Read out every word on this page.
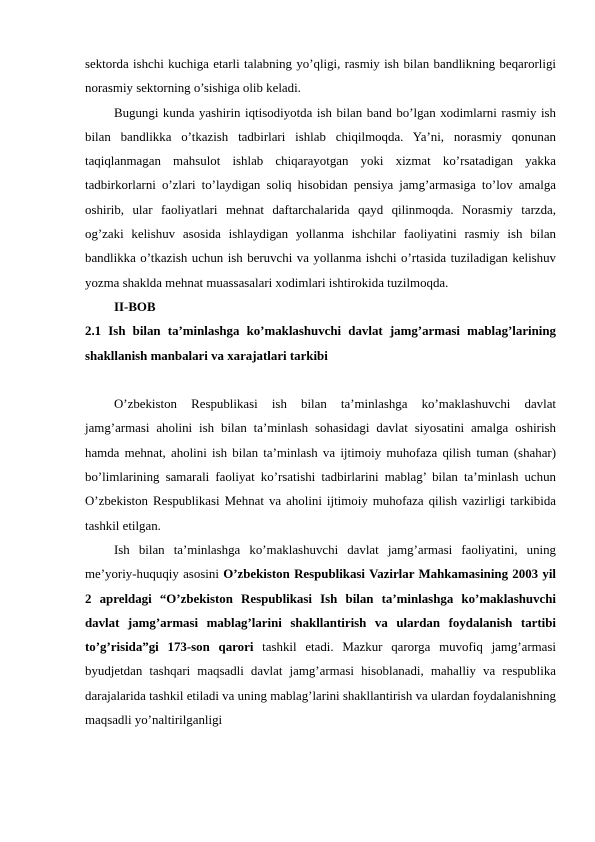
sektorda ishchi kuchiga etarli talabning yo’qligi, rasmiy ish bilan bandlikning beqarorligi norasmiy sektorning o’sishiga olib keladi.

Bugungi kunda yashirin iqtisodiyotda ish bilan band bo’lgan xodimlarni rasmiy ish bilan bandlikka o’tkazish tadbirlari ishlab chiqilmoqda. Ya’ni, norasmiy qonunan taqiqlanmagan mahsulot ishlab chiqarayotgan yoki xizmat ko’rsatadigan yakka tadbirkorlarni o’zlari to’laydigan soliq hisobidan pensiya jamg’armasiga to’lov amalga oshirib, ular faoliyatlari mehnat daftarchalarida qayd qilinmoqda. Norasmiy tarzda, og’zaki kelishuv asosida ishlaydigan yollanma ishchilar faoliyatini rasmiy ish bilan bandlikka o’tkazish uchun ish beruvchi va yollanma ishchi o’rtasida tuziladigan kelishuv yozma shaklda mehnat muassasalari xodimlari ishtirokida tuzilmoqda.

II-BOB

2.1 Ish bilan ta’minlashga ko’maklashuvchi davlat jamg’armasi mablag’larining shakllanish manbalari va xarajatlari tarkibi

O’zbekiston Respublikasi ish bilan ta’minlashga ko’maklashuvchi davlat jamg’armasi aholini ish bilan ta’minlash sohasidagi davlat siyosatini amalga oshirish hamda mehnat, aholini ish bilan ta’minlash va ijtimoiy muhofaza qilish tuman (shahar) bo’limlarining samarali faoliyat ko’rsatishi tadbirlarini mablag’ bilan ta’minlash uchun O’zbekiston Respublikasi Mehnat va aholini ijtimoiy muhofaza qilish vazirligi tarkibida tashkil etilgan.

Ish bilan ta’minlashga ko’maklashuvchi davlat jamg’armasi faoliyatini, uning me’yoriy-huquqiy asosini O’zbekiston Respublikasi Vazirlar Mahkamasining 2003 yil 2 apreldagi “O’zbekiston Respublikasi Ish bilan ta’minlashga ko’maklashuvchi davlat jamg’armasi mablag’larini shakllantirish va ulardan foydalanish tartibi to’g’risida”gi 173-son qarori tashkil etadi. Mazkur qarorga muvofiq jamg’armasi byudjetdan tashqari maqsadli davlat jamg’armasi hisoblanadi, mahalliy va respublika darajalarida tashkil etiladi va uning mablag’larini shakllantirish va ulardan foydalanishning maqsadli yo’naltirilganligi
